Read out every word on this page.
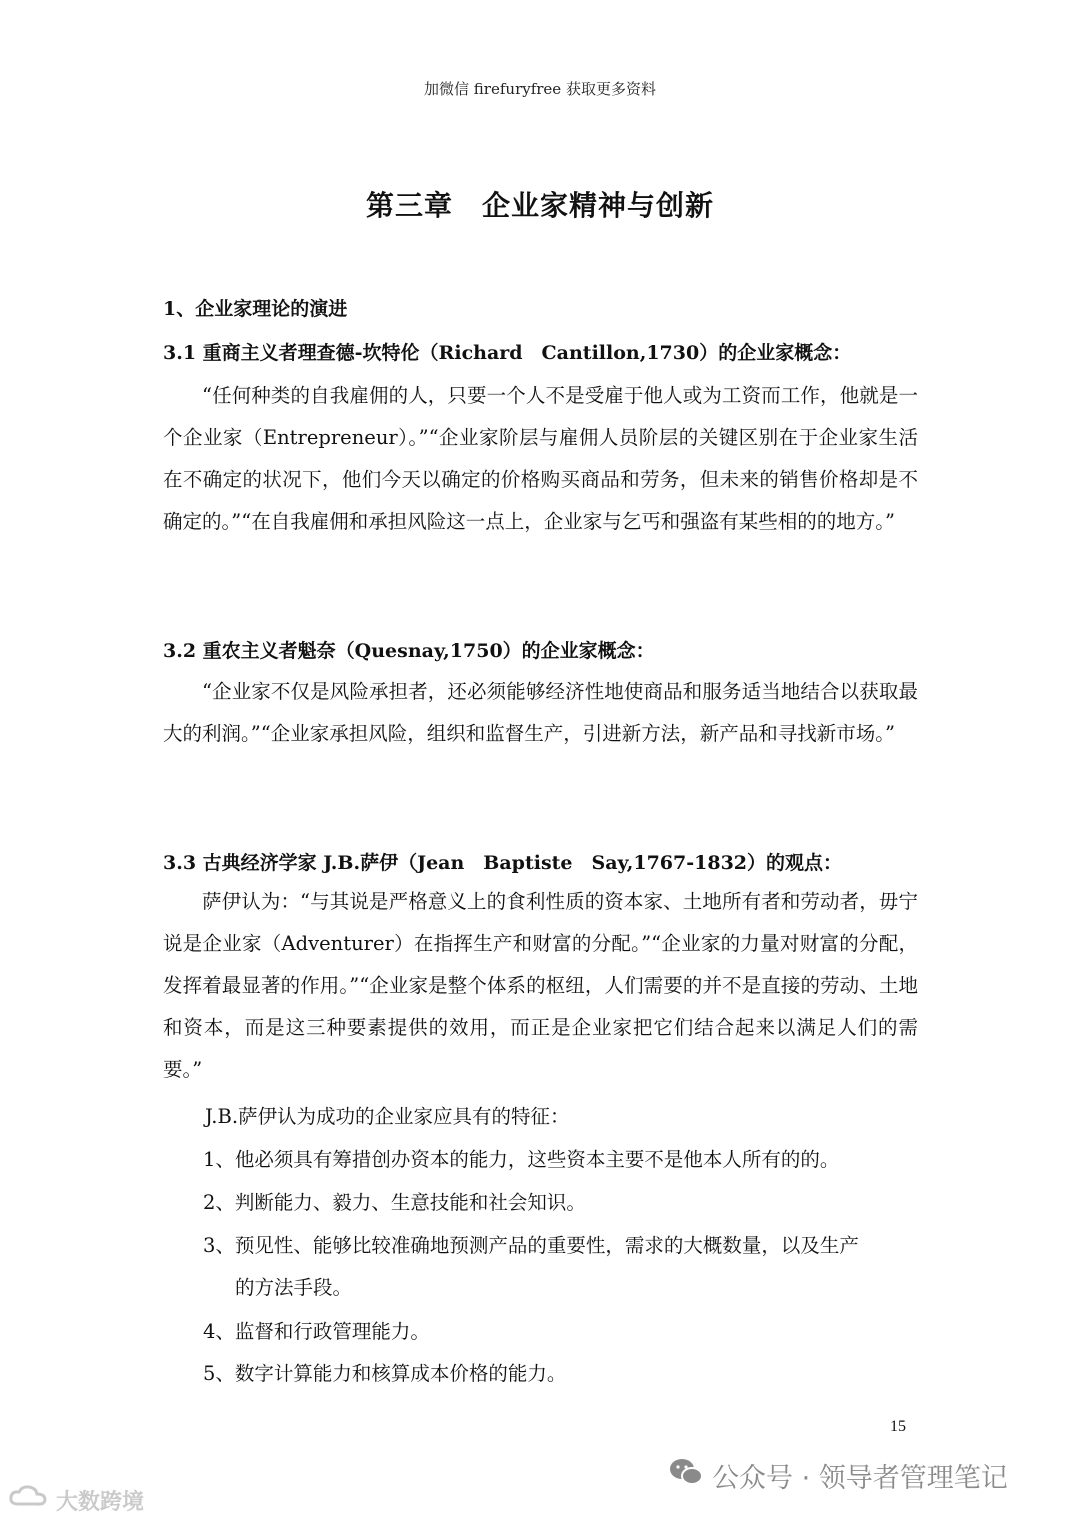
加微信 firefuryfree 获取更多资料
第三章　企业家精神与创新
1、企业家理论的演进
3.1 重商主义者理查德-坎特伦（Richard　Cantillon,1730）的企业家概念：
“任何种类的自我雇佣的人，只要一个人不是受雇于他人或为工资而工作，他就是一个企业家（Entrepreneur）。”“企业家阶层与雇佣人员阶层的关键区别在于企业家生活在不确定的状况下，他们今天以确定的价格购买商品和劳务，但未来的销售价格却是不确定的。”“在自我雇佣和承担风险这一点上，企业家与乞丐和强盗有某些相的的地方。”
3.2 重农主义者魁奈（Quesnay,1750）的企业家概念：
“企业家不仅是风险承担者，还必须能够经济性地使商品和服务适当地结合以获取最大的利润。”“企业家承担风险，组织和监督生产，引进新方法，新产品和寻找新市场。”
3.3 古典经济学家 J.B.萨伊（Jean　Baptiste　Say,1767-1832）的观点：
萨伊认为：“与其说是严格意义上的食利性质的资本家、土地所有者和劳动者，毋宁说是企业家（Adventurer）在指挥生产和财富的分配。”“企业家的力量对财富的分配，发挥着最显著的作用。”“企业家是整个体系的枢纽，人们需要的并不是直接的劳动、土地和资本，而是这三种要素提供的效用，而正是企业家把它们结合起来以满足人们的需要。”
J.B.萨伊认为成功的企业家应具有的特征：
1、他必须具有筹措创办资本的能力，这些资本主要不是他本人所有的的。
2、判断能力、毅力、生意技能和社会知识。
3、预见性、能够比较准确地预测产品的重要性，需求的大概数量，以及生产
的方法手段。
4、监督和行政管理能力。
5、数字计算能力和核算成本价格的能力。
15
大数跨境
公众号 · 领导者管理笔记
